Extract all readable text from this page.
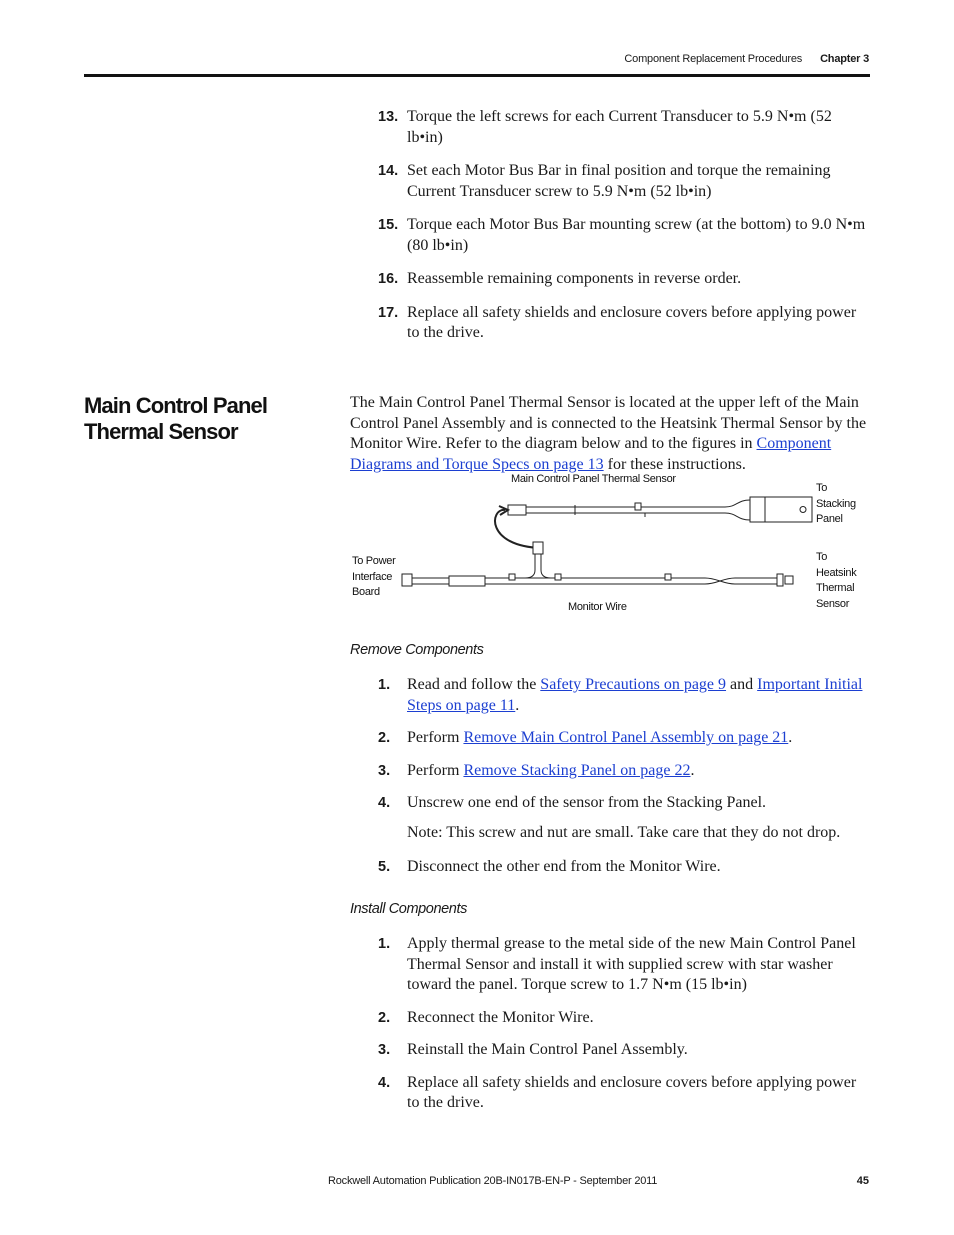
Component Replacement Procedures Chapter 3
13. Torque the left screws for each Current Transducer to 5.9 N•m (52 lb•in)
14. Set each Motor Bus Bar in final position and torque the remaining Current Transducer screw to 5.9 N•m (52 lb•in)
15. Torque each Motor Bus Bar mounting screw (at the bottom) to 9.0 N•m (80 lb•in)
16. Reassemble remaining components in reverse order.
17. Replace all safety shields and enclosure covers before applying power to the drive.
Main Control Panel Thermal Sensor

The Main Control Panel Thermal Sensor is located at the upper left of the Main Control Panel Assembly and is connected to the Heatsink Thermal Sensor by the Monitor Wire. Refer to the diagram below and to the figures in Component Diagrams and Torque Specs on page 13 for these instructions.

Main Control Panel Thermal Sensor
To
Stacking
Panel
To Power
Interface
Board
To
Heatsink
Thermal
Sensor
Monitor Wire
Remove Components
1. Read and follow the Safety Precautions on page 9 and Important Initial Steps on page 11.
2. Perform Remove Main Control Panel Assembly on page 21.
3. Perform Remove Stacking Panel on page 22.
4. Unscrew one end of the sensor from the Stacking Panel.
Note: This screw and nut are small. Take care that they do not drop.
5. Disconnect the other end from the Monitor Wire.
Install Components
1. Apply thermal grease to the metal side of the new Main Control Panel Thermal Sensor and install it with supplied screw with star washer toward the panel. Torque screw to 1.7 N•m (15 lb•in)
2. Reconnect the Monitor Wire.
3. Reinstall the Main Control Panel Assembly.
4. Replace all safety shields and enclosure covers before applying power to the drive.
Rockwell Automation Publication 20B-IN017B-EN-P - September 2011	45
